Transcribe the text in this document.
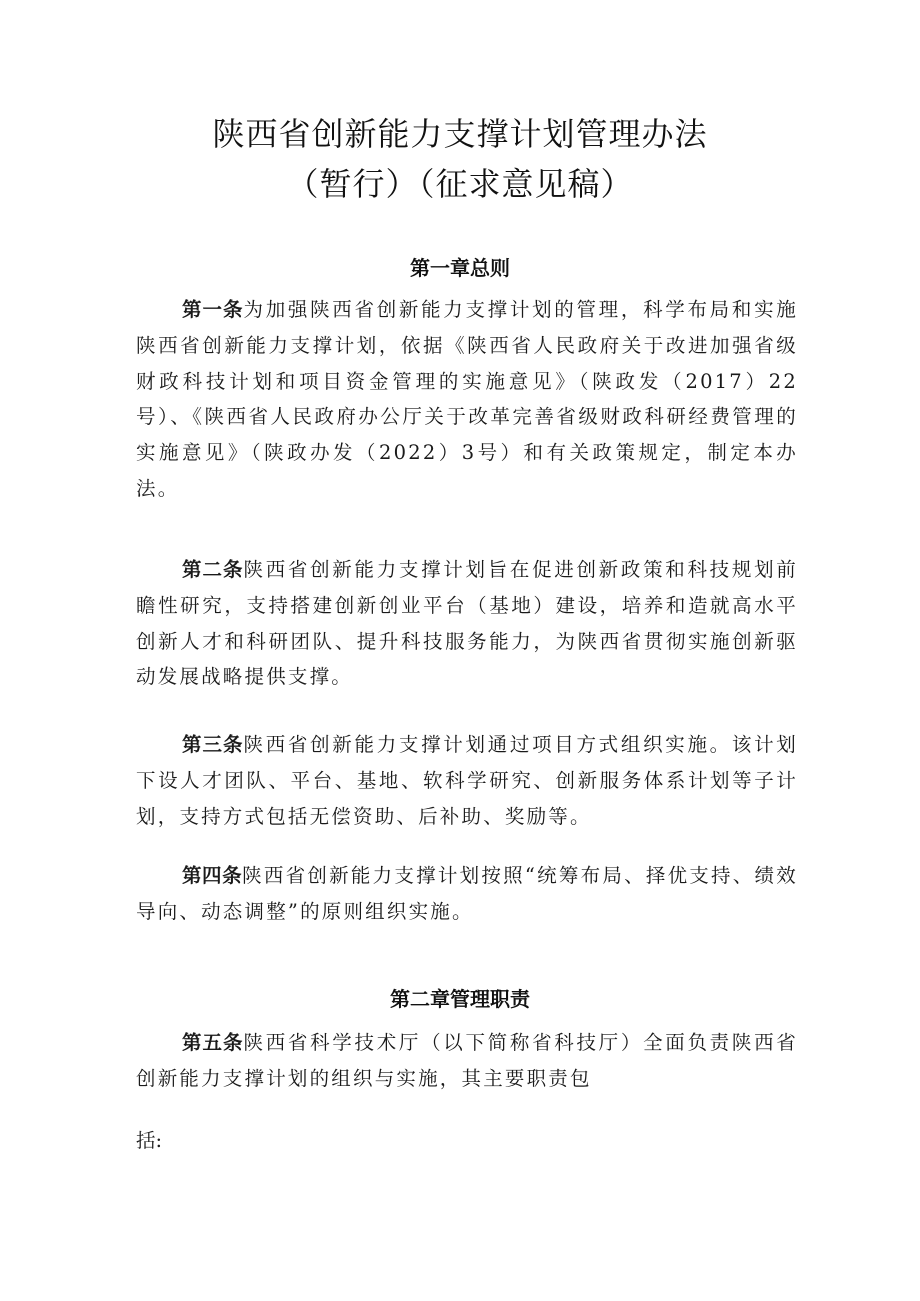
陕西省创新能力支撑计划管理办法
（暂行）（征求意见稿）
第一章总则

第一条为加强陕西省创新能力支撑计划的管理，科学布局和实施陕西省创新能力支撑计划，依据《陕西省人民政府关于改进加强省级财政科技计划和项目资金管理的实施意见》（陕政发（2017）22号）、《陕西省人民政府办公厅关于改革完善省级财政科研经费管理的实施意见》（陕政办发（2022）3号）和有关政策规定，制定本办法。

第二条陕西省创新能力支撑计划旨在促进创新政策和科技规划前瞻性研究，支持搭建创新创业平台（基地）建设，培养和造就高水平创新人才和科研团队、提升科技服务能力，为陕西省贯彻实施创新驱动发展战略提供支撑。

第三条陕西省创新能力支撑计划通过项目方式组织实施。该计划下设人才团队、平台、基地、软科学研究、创新服务体系计划等子计划，支持方式包括无偿资助、后补助、奖励等。

第四条陕西省创新能力支撑计划按照“统筹布局、择优支持、绩效导向、动态调整”的原则组织实施。

第二章管理职责

第五条陕西省科学技术厅（以下简称省科技厅）全面负责陕西省创新能力支撑计划的组织与实施，其主要职责包

括:
